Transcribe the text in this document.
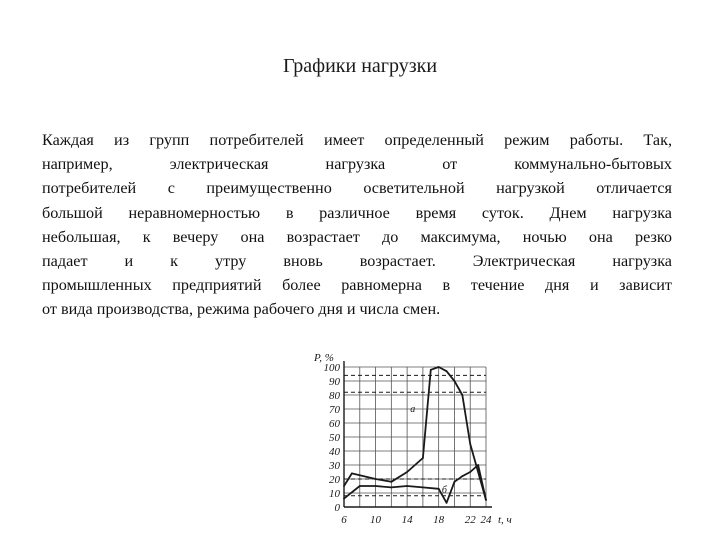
Графики нагрузки
Каждая из групп потребителей имеет определенный режим работы. Так,
например, электрическая нагрузка от коммунально-бытовых
потребителей с преимущественно осветительной нагрузкой отличается
большой неравномерностью в различное время суток. Днем нагрузка
небольшая, к вечеру она возрастает до максимума, ночью она резко
падает и к утру вновь возрастает. Электрическая нагрузка
промышленных предприятий более равномерна в течение дня и зависит
от вида производства, режима рабочего дня и числа смен.
0
10
20
30
40
50
60
70
80
90
100
6 10 14 18 22 24
P, %
t, ч
a
б
